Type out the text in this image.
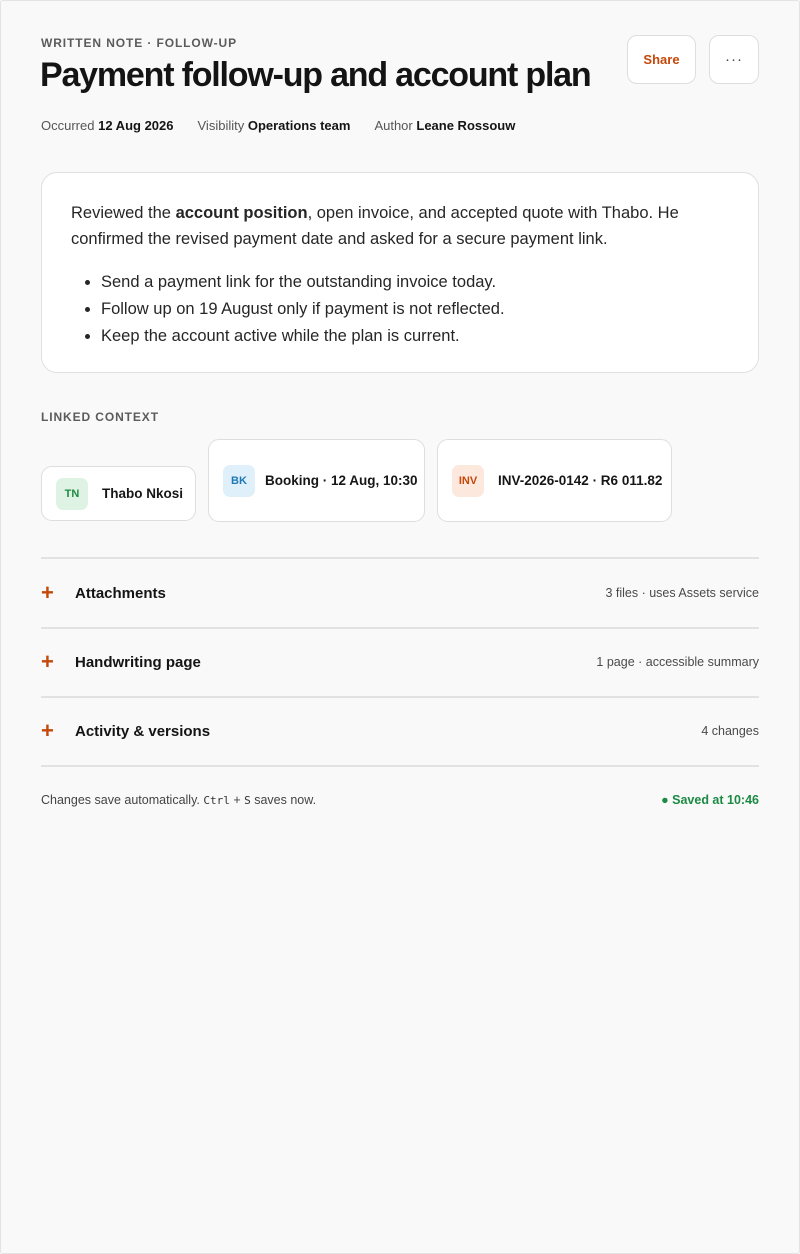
WRITTEN NOTE · FOLLOW-UP
Payment follow-up and account plan	Share	···
Occurred 12 Aug 2026 Visibility Operations team Author Leane Rossouw

Reviewed the account position, open invoice, and accepted quote with Thabo. He confirmed the revised payment date and asked for a secure payment link.

• Send a payment link for the outstanding invoice today.
• Follow up on 19 August only if payment is not reflected.
• Keep the account active while the plan is current.
LINKED CONTEXT
TN	Thabo Nkosi
BK	Booking · 12 Aug, 10:30	INV	INV-2026-0142 · R6 011.82
+	Attachments	3 files · uses Assets service
+	Handwriting page	1 page · accessible summary
+	Activity & versions	4 changes
Changes save automatically. Ctrl + S saves now.	● Saved at 10:46
